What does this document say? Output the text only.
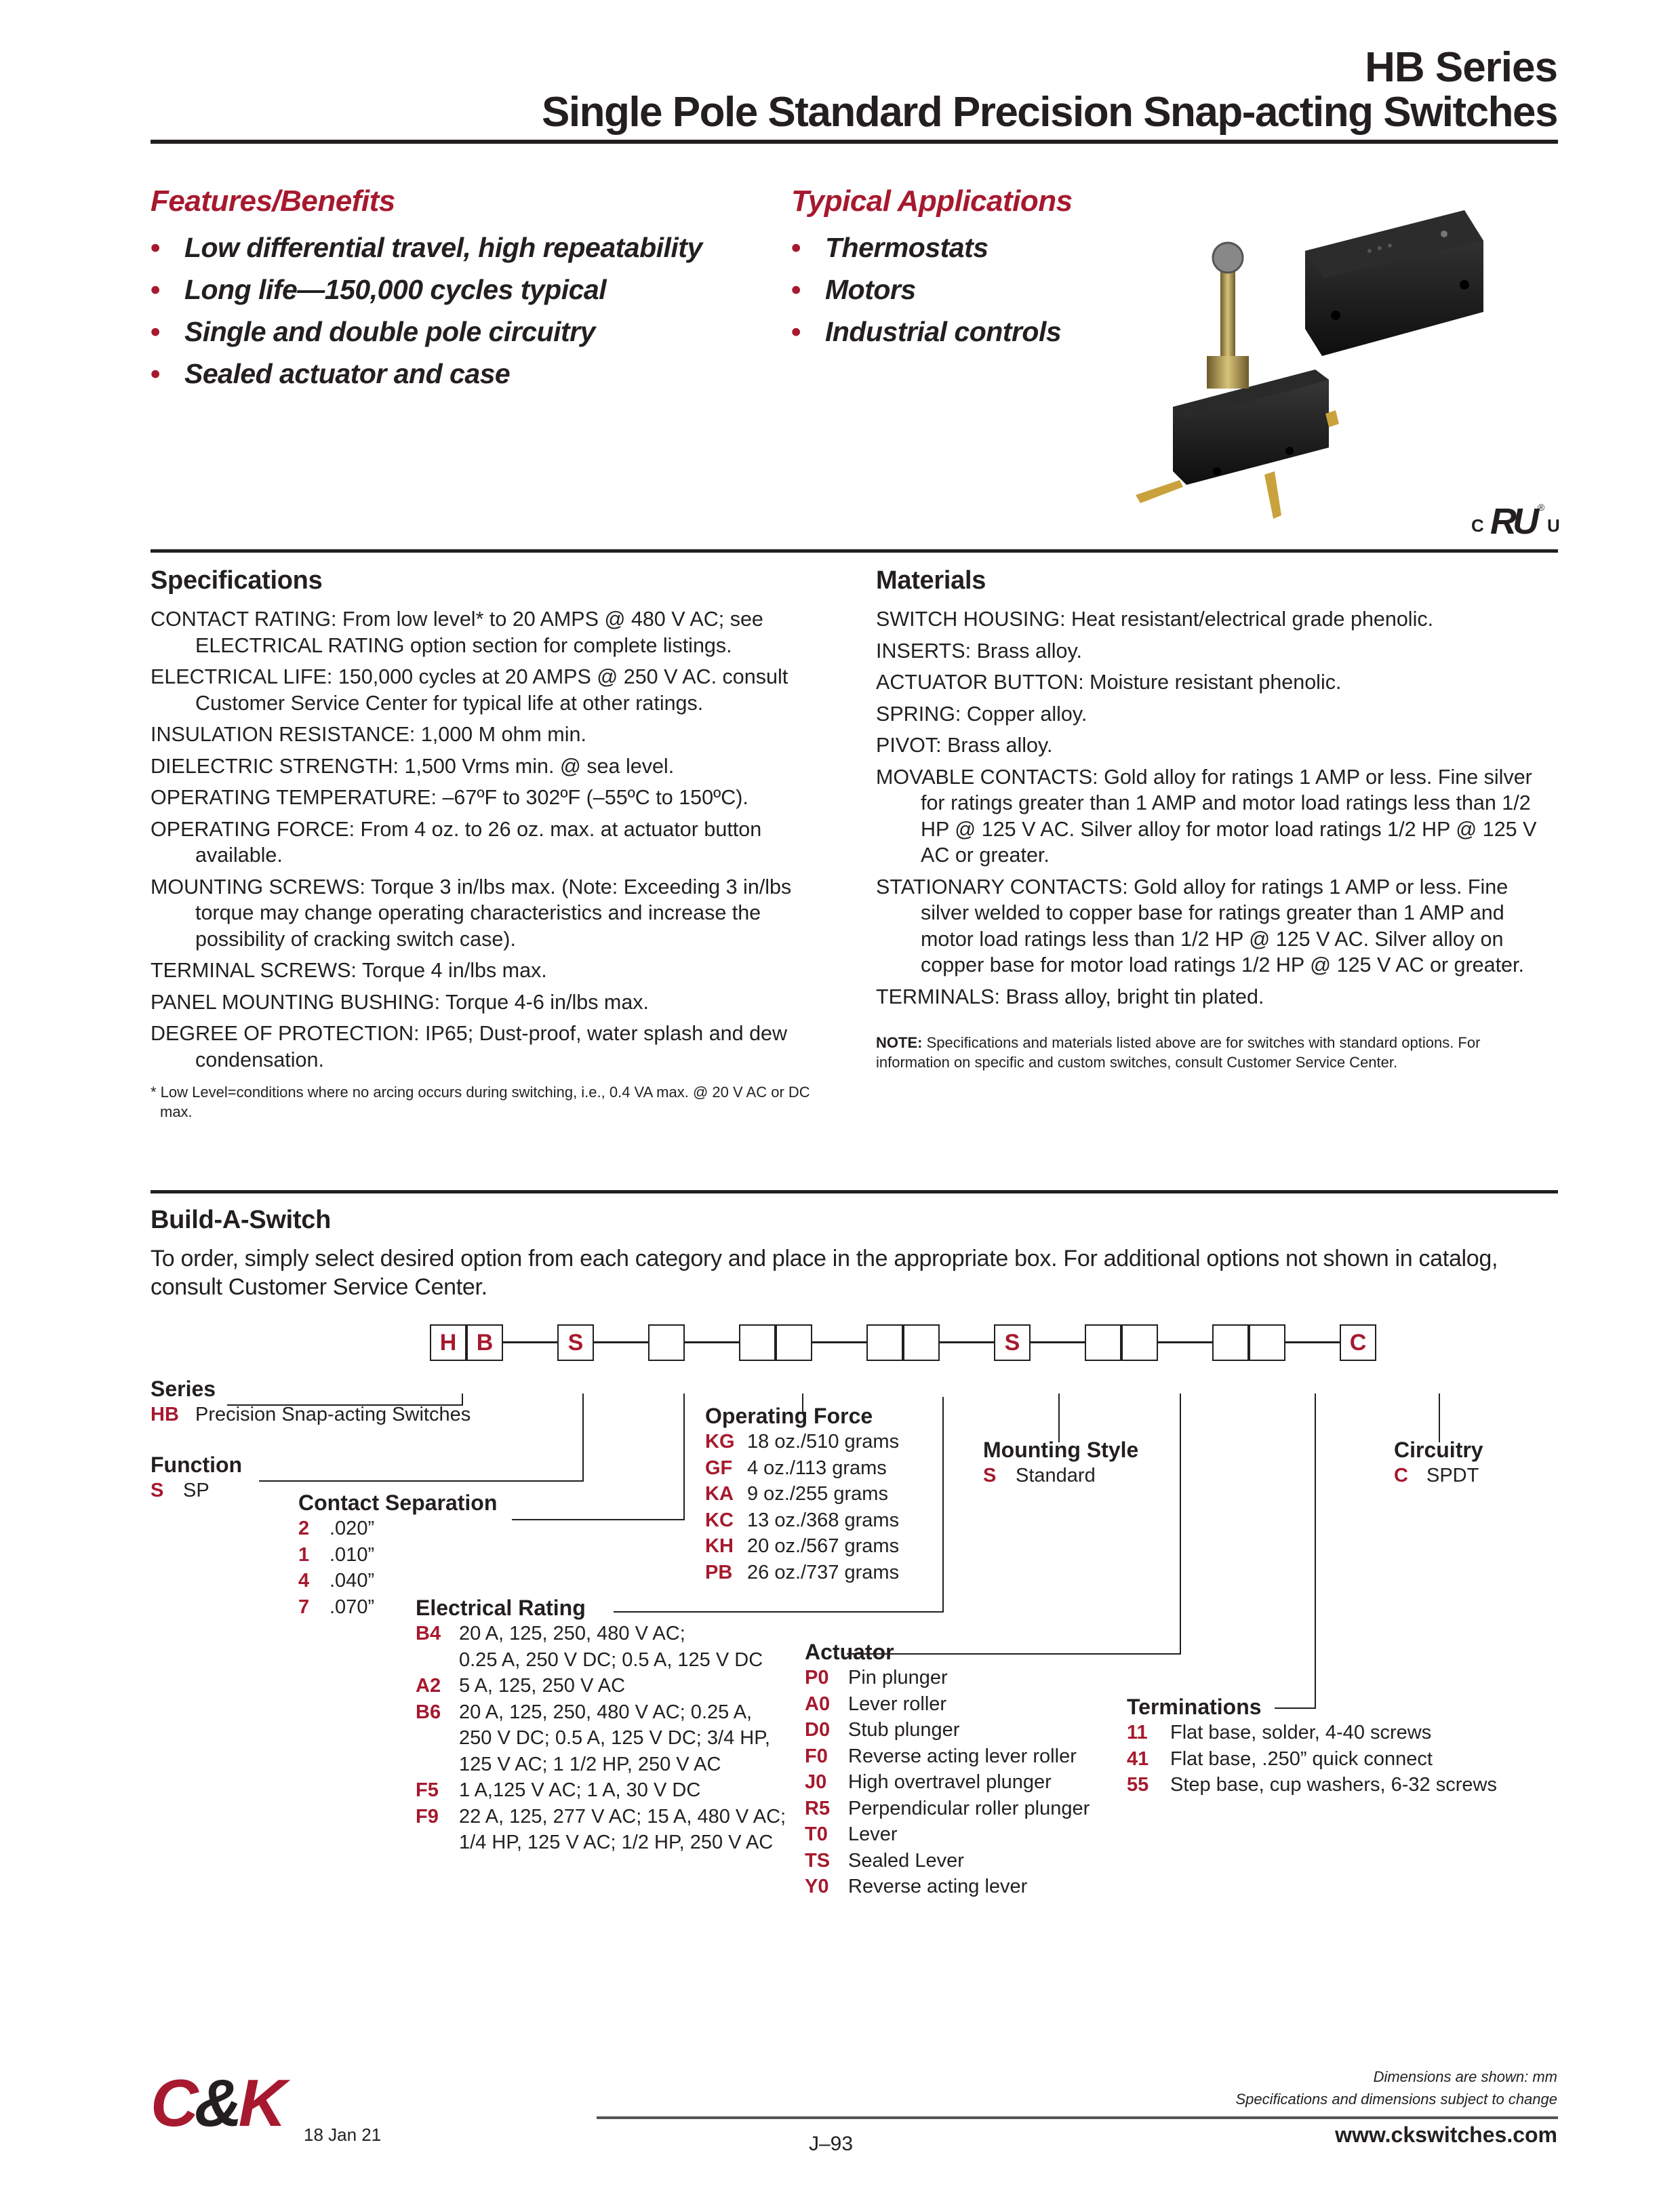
HB Series
Single Pole Standard Precision Snap-acting Switches
Features/Benefits
• Low differential travel, high repeatability
• Long life—150,000 cycles typical
• Single and double pole circuitry
• Sealed actuator and case
Typical Applications
• Thermostats
• Motors
• Industrial controls
C RU ®
U
Specifications
CONTACT RATING: From low level* to 20 AMPS @ 480 V AC; see ELECTRICAL RATING option section for complete listings.
ELECTRICAL LIFE: 150,000 cycles at 20 AMPS @ 250 V AC. consult Customer Service Center for typical life at other ratings.
INSULATION RESISTANCE: 1,000 M ohm min.
DIELECTRIC STRENGTH: 1,500 Vrms min. @ sea level.
OPERATING TEMPERATURE: –67ºF to 302ºF (–55ºC to 150ºC).
OPERATING FORCE: From 4 oz. to 26 oz. max. at actuator button available.
MOUNTING SCREWS: Torque 3 in/lbs max. (Note: Exceeding 3 in/lbs torque may change operating characteristics and increase the possibility of cracking switch case).
TERMINAL SCREWS: Torque 4 in/lbs max.
PANEL MOUNTING BUSHING: Torque 4-6 in/lbs max.
DEGREE OF PROTECTION: IP65; Dust-proof, water splash and dew condensation.
* Low Level=conditions where no arcing occurs during switching, i.e., 0.4 VA max. @ 20 V AC or DC max.
Materials
SWITCH HOUSING: Heat resistant/electrical grade phenolic.
INSERTS: Brass alloy.
ACTUATOR BUTTON: Moisture resistant phenolic.
SPRING: Copper alloy.
PIVOT: Brass alloy.
MOVABLE CONTACTS: Gold alloy for ratings 1 AMP or less. Fine silver for ratings greater than 1 AMP and motor load ratings less than 1/2 HP @ 125 V AC. Silver alloy for motor load ratings 1/2 HP @ 125 V AC or greater.
STATIONARY CONTACTS: Gold alloy for ratings 1 AMP or less. Fine silver welded to copper base for ratings greater than 1 AMP and motor load ratings less than 1/2 HP @ 125 V AC. Silver alloy on copper base for motor load ratings 1/2 HP @ 125 V AC or greater.
TERMINALS: Brass alloy, bright tin plated.
NOTE: Specifications and materials listed above are for switches with standard options. For information on specific and custom switches, consult Customer Service Center.
Build-A-Switch
To order, simply select desired option from each category and place in the appropriate box. For additional options not shown in catalog, consult Customer Service Center.
H B	S	S	C
Series
HB Precision Snap-acting Switches
Function
S SP	Contact Separation
2 .020”
1 .010”
4 .040”
7 .070”
Operating Force
KG 18 oz./510 grams
GF 4 oz./113 grams
KA 9 oz./255 grams
KC 13 oz./368 grams
KH 20 oz./567 grams
PB 26 oz./737 grams
Electrical Rating
B4 20 A, 125, 250, 480 V AC;
0.25 A, 250 V DC; 0.5 A, 125 V DC
A2 5 A, 125, 250 V AC
B6 20 A, 125, 250, 480 V AC; 0.25 A,
250 V DC; 0.5 A, 125 V DC; 3/4 HP,
125 V AC; 1 1/2 HP, 250 V AC
F5 1 A,125 V AC; 1 A, 30 V DC
F9 22 A, 125, 277 V AC; 15 A, 480 V AC;
1/4 HP, 125 V AC; 1/2 HP, 250 V AC
Mounting Style
S Standard
Actuator
P0 Pin plunger
A0 Lever roller
D0 Stub plunger
F0 Reverse acting lever roller
J0 High overtravel plunger
R5 Perpendicular roller plunger
T0 Lever
TS Sealed Lever
Y0 Reverse acting lever
Terminations
11 Flat base, solder, 4-40 screws
41 Flat base, .250” quick connect
55 Step base, cup washers, 6-32 screws
Circuitry
C SPDT
C&K 18 Jan 21
Dimensions are shown: mm
Specifications and dimensions subject to change
J–93	www.ckswitches.com
